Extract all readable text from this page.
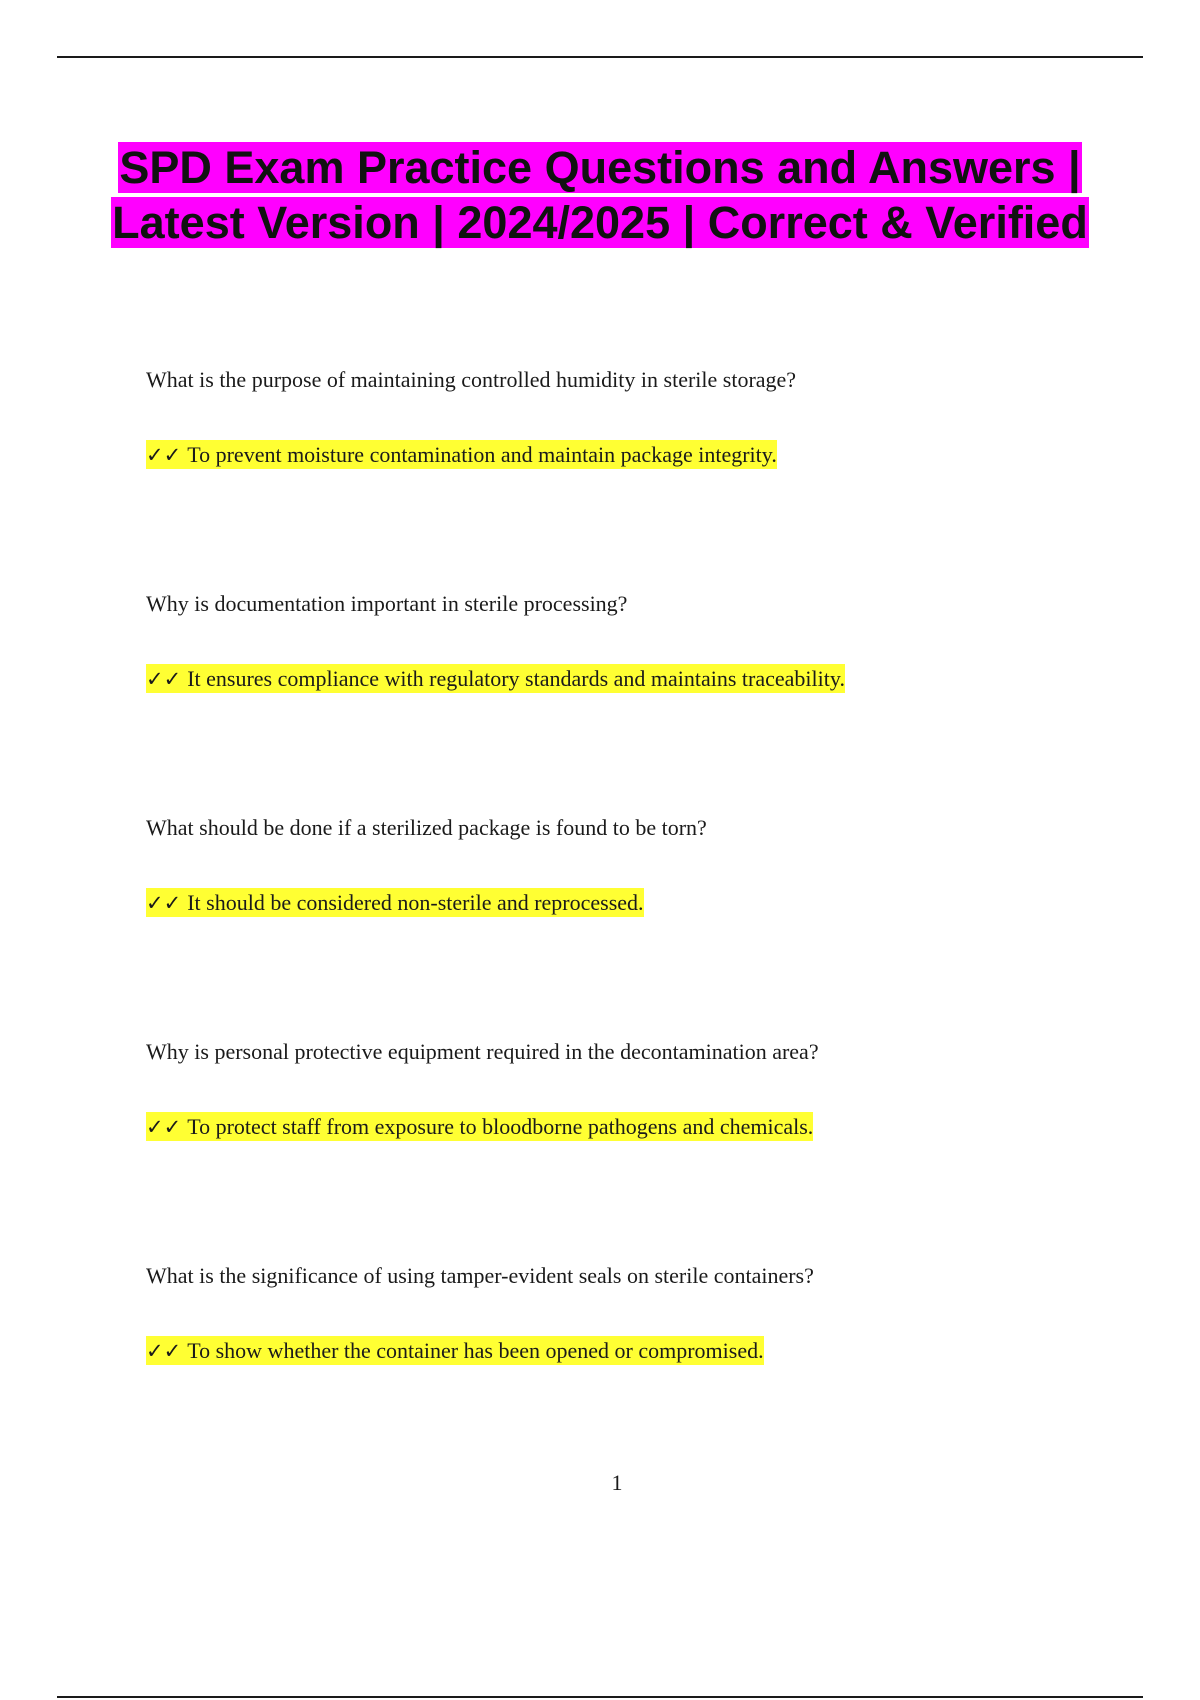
SPD Exam Practice Questions and Answers | Latest Version | 2024/2025 | Correct & Verified

What is the purpose of maintaining controlled humidity in sterile storage?

✓✓ To prevent moisture contamination and maintain package integrity.

Why is documentation important in sterile processing?

✓✓ It ensures compliance with regulatory standards and maintains traceability.

What should be done if a sterilized package is found to be torn?

✓✓ It should be considered non-sterile and reprocessed.

Why is personal protective equipment required in the decontamination area?

✓✓ To protect staff from exposure to bloodborne pathogens and chemicals.

What is the significance of using tamper-evident seals on sterile containers?

✓✓ To show whether the container has been opened or compromised.

1
